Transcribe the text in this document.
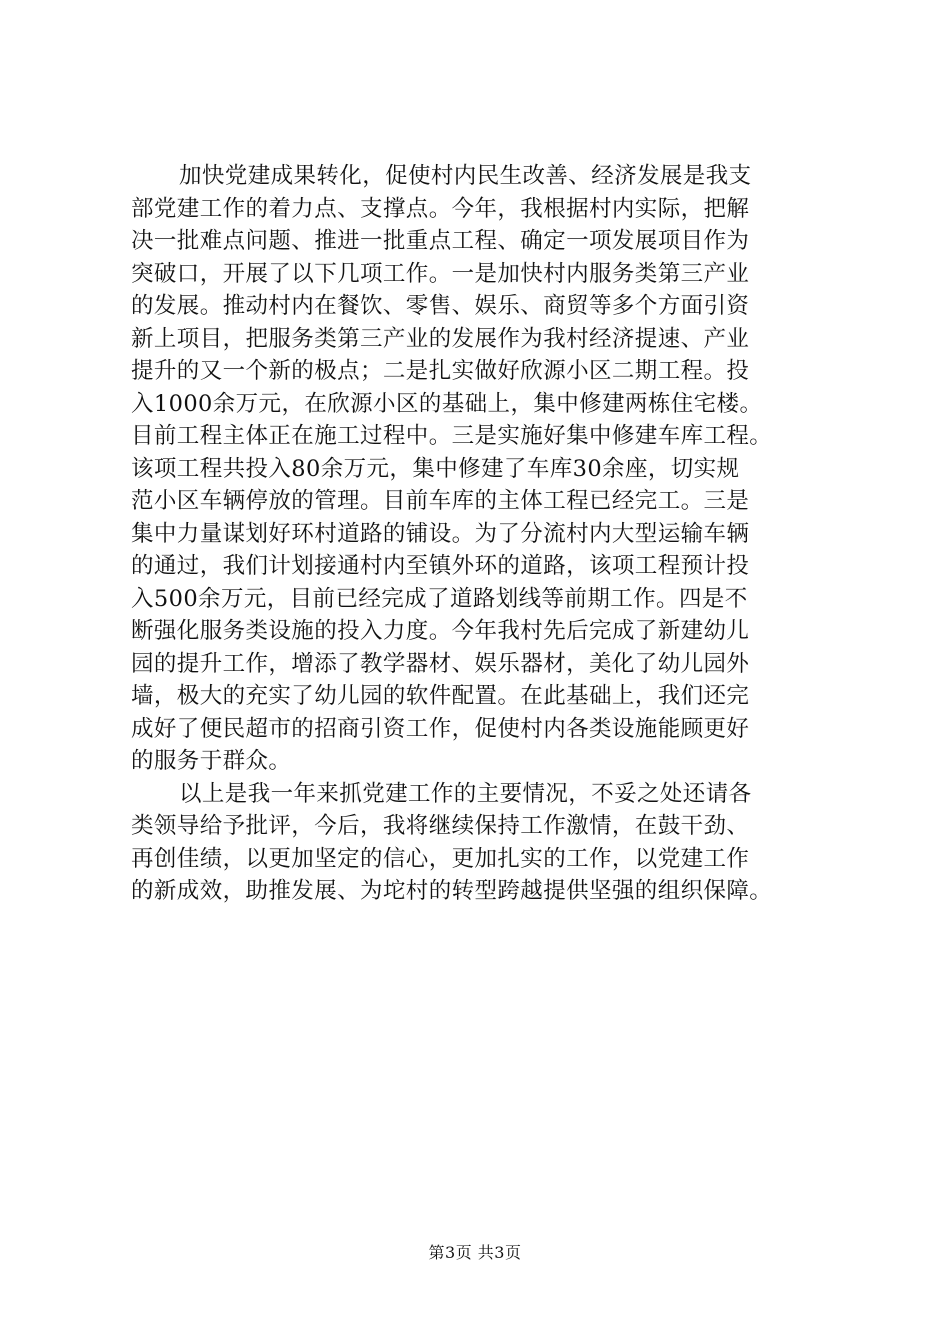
加快党建成果转化，促使村内民生改善、经济发展是我支
部党建工作的着力点、支撑点。今年，我根据村内实际，把解
决一批难点问题、推进一批重点工程、确定一项发展项目作为
突破口，开展了以下几项工作。一是加快村内服务类第三产业
的发展。推动村内在餐饮、零售、娱乐、商贸等多个方面引资
新上项目，把服务类第三产业的发展作为我村经济提速、产业
提升的又一个新的极点；二是扎实做好欣源小区二期工程。投
入1000余万元，在欣源小区的基础上，集中修建两栋住宅楼。
目前工程主体正在施工过程中。三是实施好集中修建车库工程。
该项工程共投入80余万元，集中修建了车库30余座，切实规
范小区车辆停放的管理。目前车库的主体工程已经完工。三是
集中力量谋划好环村道路的铺设。为了分流村内大型运输车辆
的通过，我们计划接通村内至镇外环的道路，该项工程预计投
入500余万元，目前已经完成了道路划线等前期工作。四是不
断强化服务类设施的投入力度。今年我村先后完成了新建幼儿
园的提升工作，增添了教学器材、娱乐器材，美化了幼儿园外
墙，极大的充实了幼儿园的软件配置。在此基础上，我们还完
成好了便民超市的招商引资工作，促使村内各类设施能顾更好
的服务于群众。
以上是我一年来抓党建工作的主要情况，不妥之处还请各
类领导给予批评，今后，我将继续保持工作激情，在鼓干劲、
再创佳绩，以更加坚定的信心，更加扎实的工作，以党建工作
的新成效，助推发展、为坨村的转型跨越提供坚强的组织保障。
第3页 共3页
